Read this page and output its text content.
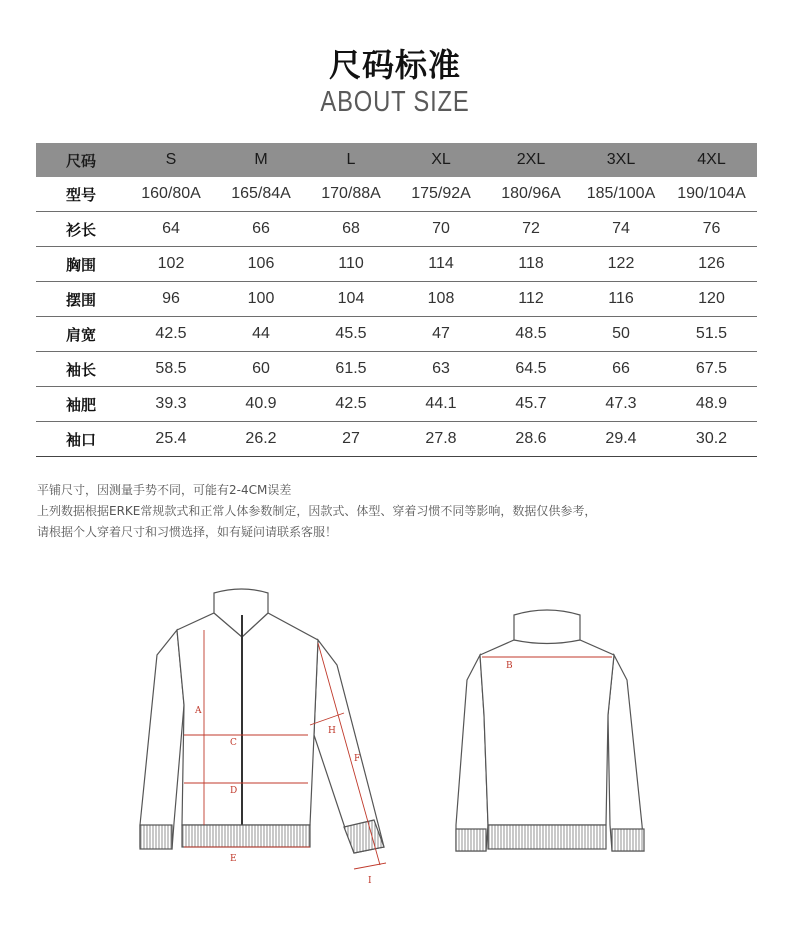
尺码标准
ABOUT SIZE
尺码	S	M	L	XL	2XL	3XL	4XL
型号	160/80A	165/84A	170/88A	175/92A	180/96A	185/100A	190/104A
衫长	64	66	68	70	72	74	76
胸围	102	106	110	114	118	122	126
摆围	96	100	104	108	112	116	120
肩宽	42.5	44	45.5	47	48.5	50	51.5
袖长	58.5	60	61.5	63	64.5	66	67.5
袖肥	39.3	40.9	42.5	44.1	45.7	47.3	48.9
袖口	25.4	26.2	27	27.8	28.6	29.4	30.2
平铺尺寸，因测量手势不同，可能有2-4CM误差
上列数据根据ERKE常规款式和正常人体参数制定，因款式、体型、穿着习惯不同等影响，数据仅供参考，
请根据个人穿着尺寸和习惯选择，如有疑问请联系客服！
A
C
D
E
F
H
I
B
